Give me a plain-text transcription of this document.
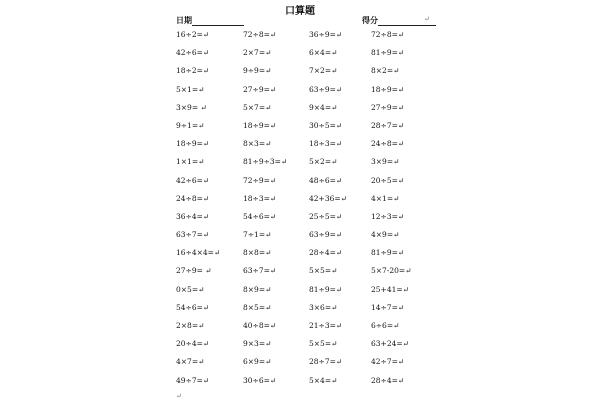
口算题
日期	得分	↵
16÷2=↵	72÷8=↵	36÷9=↵	72÷8=↵
42÷6=↵	2×7=↵	6×4=↵	81÷9=↵
18÷2=↵	9÷9=↵	7×2=↵	8×2=↵
5×1=↵	27÷9=↵	63÷9=↵	18÷9=↵
3×9= ↵	5×7=↵	9×4=↵	27÷9=↵
9÷1=↵	18÷9=↵	30÷5=↵	28÷7=↵
18÷9=↵	8×3=↵	18÷3=↵	24÷8=↵
1×1=↵	81÷9÷3=↵	5×2=↵	3×9=↵
42÷6=↵	72÷9=↵	48÷6=↵	20÷5=↵
24÷8=↵	18÷3=↵	42+36=↵	4×1=↵
36÷4=↵	54÷6=↵	25÷5=↵	12÷3=↵
63÷7=↵	7÷1=↵	63÷9=↵	4×9=↵
16÷4×4=↵	8×8=↵	28÷4=↵	81÷9=↵
27÷9= ↵	63÷7=↵	5×5=↵	5×7-20=↵
0×5=↵	8×9=↵	81÷9=↵	25+41=↵
54÷6=↵	8×5=↵	3×6=↵	14÷7=↵
2×8=↵	40÷8=↵	21÷3=↵	6÷6=↵
20÷4=↵	9×3=↵	5×5=↵	63+24=↵
4×7=↵	6×9=↵	28÷7=↵	42÷7=↵
49÷7=↵	30÷6=↵	5×4=↵	28÷4=↵
↵
